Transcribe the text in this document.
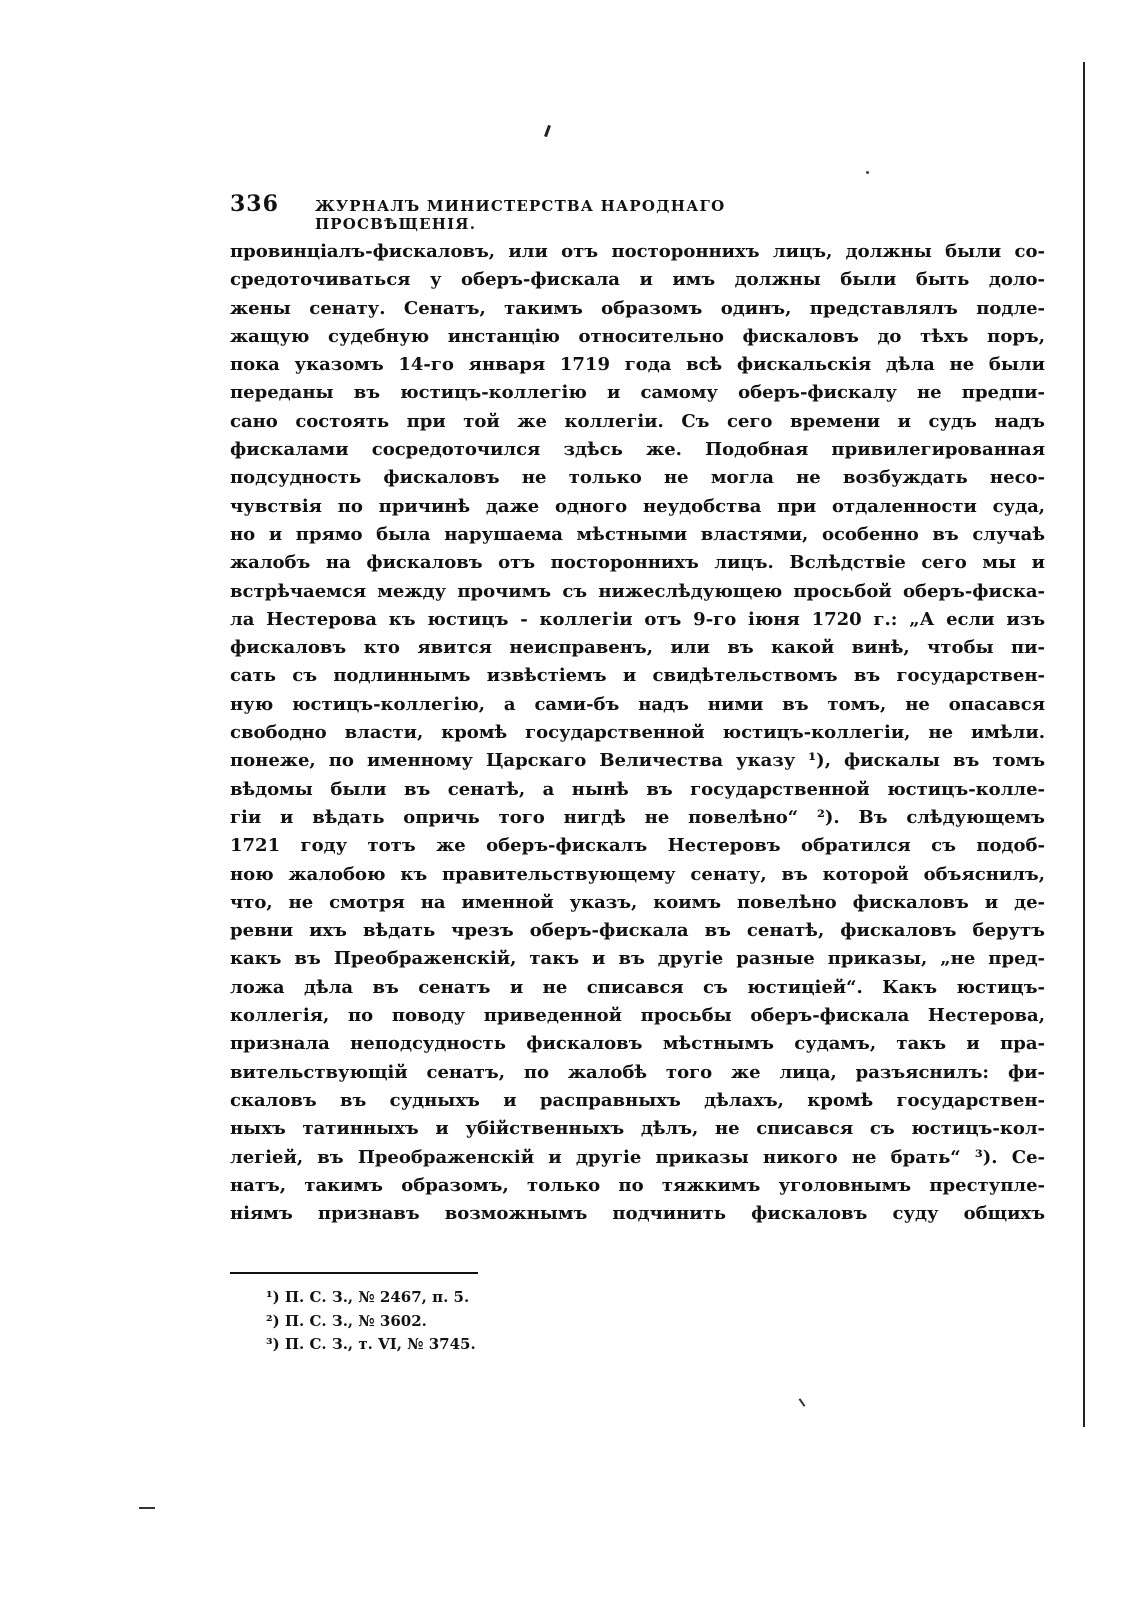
336 ЖУРНАЛЪ МИНИСТЕРСТВА НАРОДНАГО ПРОСВѢЩЕНІЯ.
провинціалъ-фискаловъ, или отъ постороннихъ лицъ, должны были со-
средоточиваться у оберъ-фискала и имъ должны были быть доло-
жены сенату. Сенатъ, такимъ образомъ одинъ, представлялъ подле-
жащую судебную инстанцію относительно фискаловъ до тѣхъ поръ,
пока указомъ 14-го января 1719 года всѣ фискальскія дѣла не были
переданы въ юстицъ-коллегію и самому оберъ-фискалу не предпи-
сано состоять при той же коллегіи. Съ сего времени и судъ надъ
фискалами сосредоточился здѣсь же. Подобная привилегированная
подсудность фискаловъ не только не могла не возбуждать несо-
чувствія по причинѣ даже одного неудобства при отдаленности суда,
но и прямо была нарушаема мѣстными властями, особенно въ случаѣ
жалобъ на фискаловъ отъ постороннихъ лицъ. Вслѣдствіе сего мы и
встрѣчаемся между прочимъ съ нижеслѣдующею просьбой оберъ-фиска-
ла Нестерова къ юстицъ - коллегіи отъ 9-го іюня 1720 г.: „А если изъ
фискаловъ кто явится неисправенъ, или въ какой винѣ, чтобы пи-
сать съ подлиннымъ извѣстіемъ и свидѣтельствомъ въ государствен-
ную юстицъ-коллегію, а сами-бъ надъ ними въ томъ, не опасався
свободно власти, кромѣ государственной юстицъ-коллегіи, не имѣли.
понеже, по именному Царскаго Величества указу ¹), фискалы въ томъ
вѣдомы были въ сенатѣ, а нынѣ въ государственной юстицъ-колле-
гіи и вѣдать опричь того нигдѣ не повелѣно“ ²). Въ слѣдующемъ
1721 году тотъ же оберъ-фискалъ Нестеровъ обратился съ подоб-
ною жалобою къ правительствующему сенату, въ которой объяснилъ,
что, не смотря на именной указъ, коимъ повелѣно фискаловъ и де-
ревни ихъ вѣдать чрезъ оберъ-фискала въ сенатѣ, фискаловъ берутъ
какъ въ Преображенскій, такъ и въ другіе разные приказы, „не пред-
ложа дѣла въ сенатъ и не списався съ юстиціей“. Какъ юстицъ-
коллегія, по поводу приведенной просьбы оберъ-фискала Нестерова,
признала неподсудность фискаловъ мѣстнымъ судамъ, такъ и пра-
вительствующій сенатъ, по жалобѣ того же лица, разъяснилъ: фи-
скаловъ въ судныхъ и расправныхъ дѣлахъ, кромѣ государствен-
ныхъ татинныхъ и убійственныхъ дѣлъ, не списався съ юстицъ-кол-
легіей, въ Преображенскій и другіе приказы никого не брать“ ³). Се-
натъ, такимъ образомъ, только по тяжкимъ уголовнымъ преступле-
ніямъ признавъ возможнымъ подчинить фискаловъ суду общихъ
¹) П. С. З., № 2467, п. 5.
²) П. С. З., № 3602.
³) П. С. З., т. VI, № 3745.
